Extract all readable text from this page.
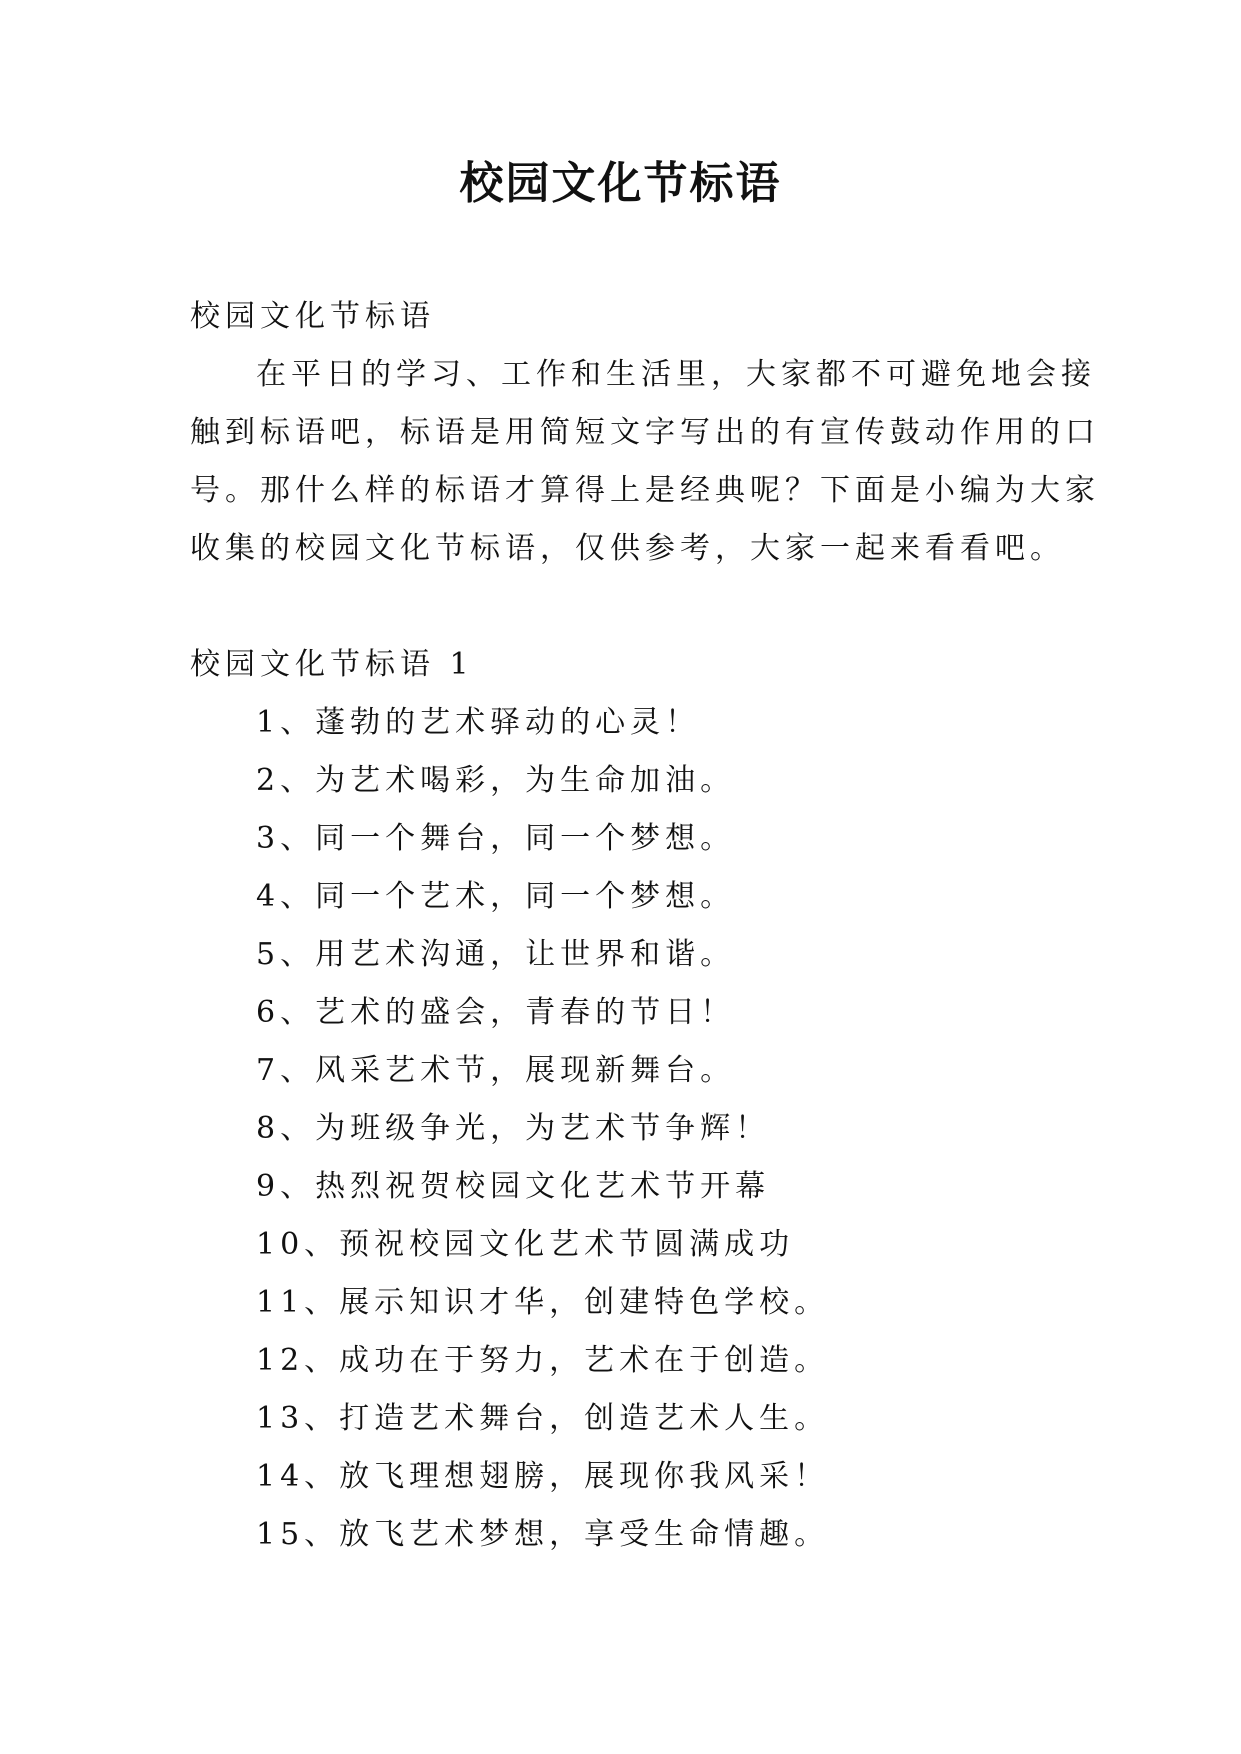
校园文化节标语

校园文化节标语

在平日的学习、工作和生活里，大家都不可避免地会接

触到标语吧，标语是用简短文字写出的有宣传鼓动作用的口

号。那什么样的标语才算得上是经典呢？下面是小编为大家

收集的校园文化节标语，仅供参考，大家一起来看看吧。

校园文化节标语 1

1、蓬勃的艺术驿动的心灵！
2、为艺术喝彩，为生命加油。
3、同一个舞台，同一个梦想。
4、同一个艺术，同一个梦想。
5、用艺术沟通，让世界和谐。
6、艺术的盛会，青春的节日！
7、风采艺术节，展现新舞台。
8、为班级争光，为艺术节争辉！
9、热烈祝贺校园文化艺术节开幕
10、预祝校园文化艺术节圆满成功
11、展示知识才华，创建特色学校。
12、成功在于努力，艺术在于创造。
13、打造艺术舞台，创造艺术人生。
14、放飞理想翅膀，展现你我风采！
15、放飞艺术梦想，享受生命情趣。
